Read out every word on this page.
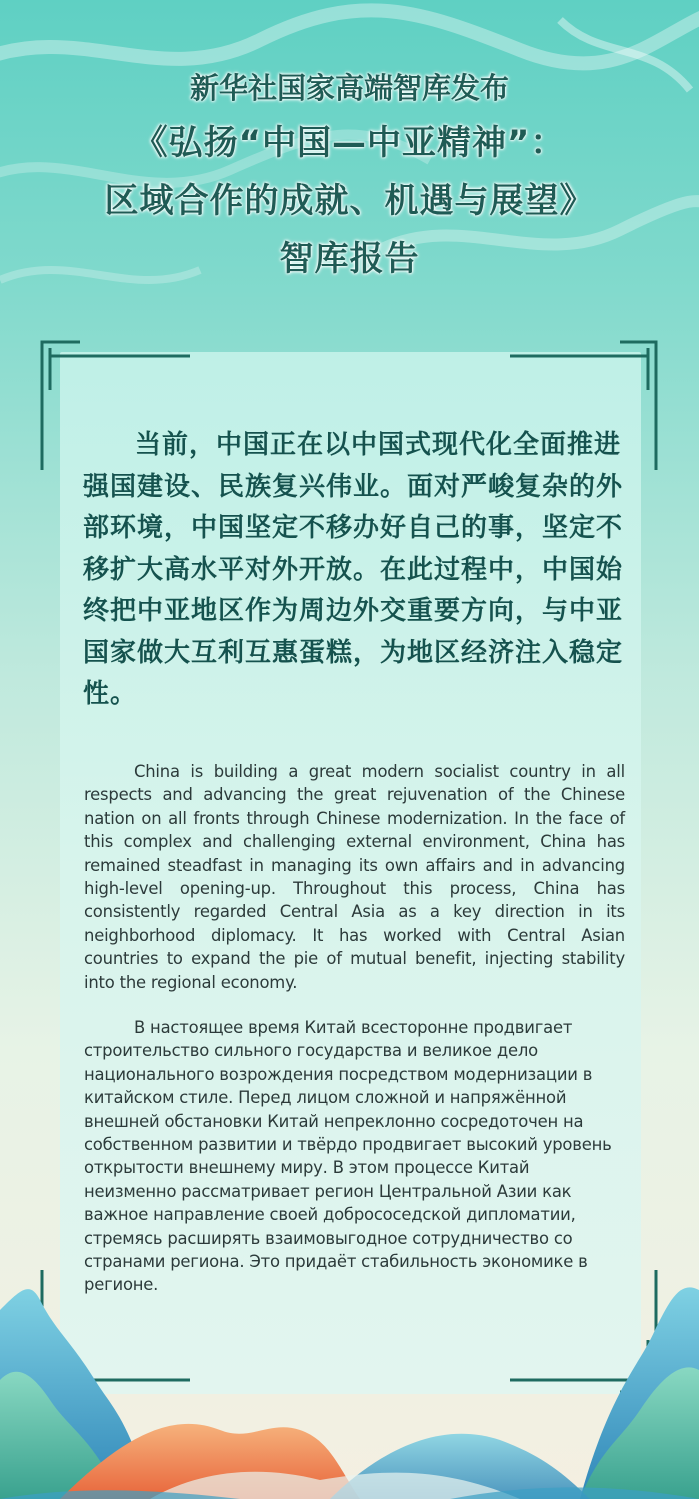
新华社国家高端智库发布

《弘扬“中国—中亚精神”：

区域合作的成就、机遇与展望》

智库报告

当前，中国正在以中国式现代化全面推进强国建设、民族复兴伟业。面对严峻复杂的外部环境，中国坚定不移办好自己的事，坚定不移扩大高水平对外开放。在此过程中，中国始终把中亚地区作为周边外交重要方向，与中亚国家做大互利互惠蛋糕，为地区经济注入稳定性。

China is building a great modern socialist country in all respects and advancing the great rejuvenation of the Chinese nation on all fronts through Chinese modernization. In the face of this complex and challenging external environment, China has remained steadfast in managing its own affairs and in advancing high-level opening-up. Throughout this process, China has consistently regarded Central Asia as a key direction in its neighborhood diplomacy. It has worked with Central Asian countries to expand the pie of mutual benefit, injecting stability into the regional economy.

В настоящее время Китай всесторонне продвигает строительство сильного государства и великое дело национального возрождения посредством модернизации в китайском стиле. Перед лицом сложной и напряжённой внешней обстановки Китай непреклонно сосредоточен на собственном развитии и твёрдо продвигает высокий уровень открытости внешнему миру. В этом процессе Китай неизменно рассматривает регион Центральной Азии как важное направление своей добрососедской дипломатии, стремясь расширять взаимовыгодное сотрудничество со странами региона. Это придаёт стабильность экономике в регионе.
